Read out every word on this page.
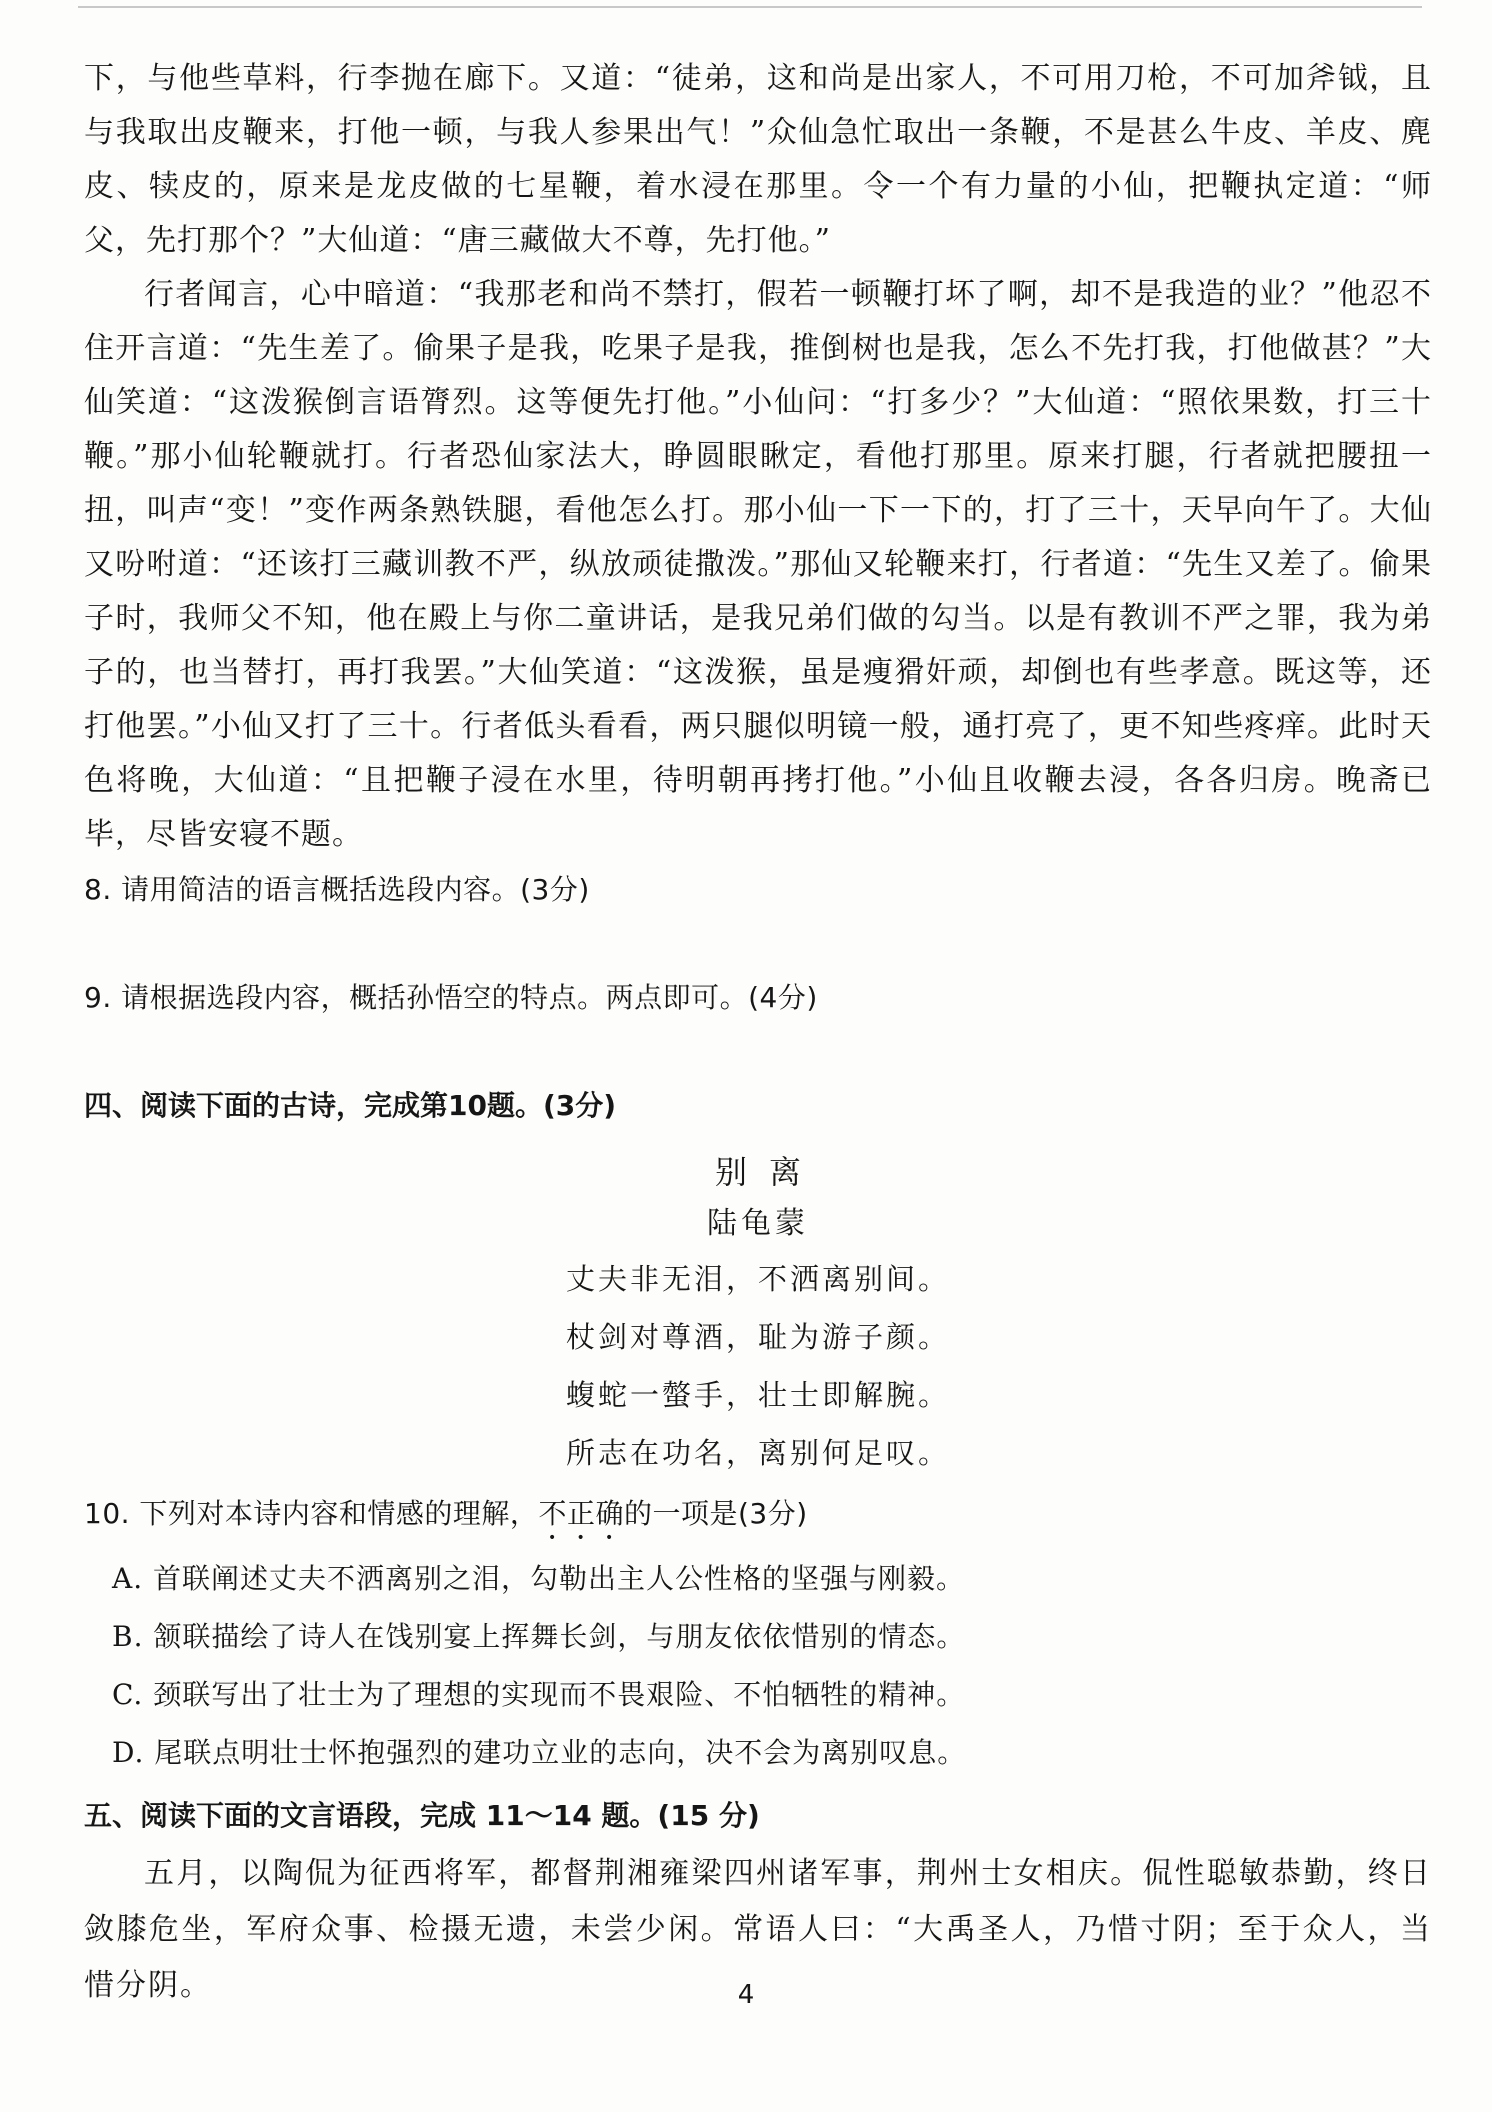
下，与他些草料，行李抛在廊下。又道：“徒弟，这和尚是出家人，不可用刀枪，不可加斧钺，且与我取出皮鞭来，打他一顿，与我人参果出气！”众仙急忙取出一条鞭，不是甚么牛皮、羊皮、麂皮、犊皮的，原来是龙皮做的七星鞭，着水浸在那里。令一个有力量的小仙，把鞭执定道：“师父，先打那个？”大仙道：“唐三藏做大不尊，先打他。”

行者闻言，心中暗道：“我那老和尚不禁打，假若一顿鞭打坏了啊，却不是我造的业？”他忍不住开言道：“先生差了。偷果子是我，吃果子是我，推倒树也是我，怎么不先打我，打他做甚？”大仙笑道：“这泼猴倒言语膂烈。这等便先打他。”小仙问：“打多少？”大仙道：“照依果数，打三十鞭。”那小仙轮鞭就打。行者恐仙家法大，睁圆眼瞅定，看他打那里。原来打腿，行者就把腰扭一扭，叫声“变！”变作两条熟铁腿，看他怎么打。那小仙一下一下的，打了三十，天早向午了。大仙又吩咐道：“还该打三藏训教不严，纵放顽徒撒泼。”那仙又轮鞭来打，行者道：“先生又差了。偷果子时，我师父不知，他在殿上与你二童讲话，是我兄弟们做的勾当。以是有教训不严之罪，我为弟子的，也当替打，再打我罢。”大仙笑道：“这泼猴，虽是痩猾奸顽，却倒也有些孝意。既这等，还打他罢。”小仙又打了三十。行者低头看看，两只腿似明镜一般，通打亮了，更不知些疼痒。此时天色将晚，大仙道：“且把鞭子浸在水里，待明朝再拷打他。”小仙且收鞭去浸，各各归房。晚斋已毕，尽皆安寝不题。

8. 请用简洁的语言概括选段内容。(3分)

9. 请根据选段内容，概括孙悟空的特点。两点即可。(4分)

四、阅读下面的古诗，完成第10题。(3分)
别离
陆龟蒙
丈夫非无泪，不洒离别间。
杖剑对尊酒，耻为游子颜。
蝮蛇一螫手，壮士即解腕。
所志在功名，离别何足叹。

10. 下列对本诗内容和情感的理解，不正确的一项是(3分)

A. 首联阐述丈夫不洒离别之泪，勾勒出主人公性格的坚强与刚毅。
B. 颔联描绘了诗人在饯别宴上挥舞长剑，与朋友依依惜别的情态。
C. 颈联写出了壮士为了理想的实现而不畏艰险、不怕牺牲的精神。
D. 尾联点明壮士怀抱强烈的建功立业的志向，决不会为离别叹息。
五、阅读下面的文言语段，完成 11～14 题。(15 分)

五月，以陶侃为征西将军，都督荆湘雍梁四州诸军事，荆州士女相庆。侃性聪敏恭勤，终日敛膝危坐，军府众事、检摄无遗，未尝少闲。常语人曰：“大禹圣人，乃惜寸阴；至于众人，当惜分阴。	4
